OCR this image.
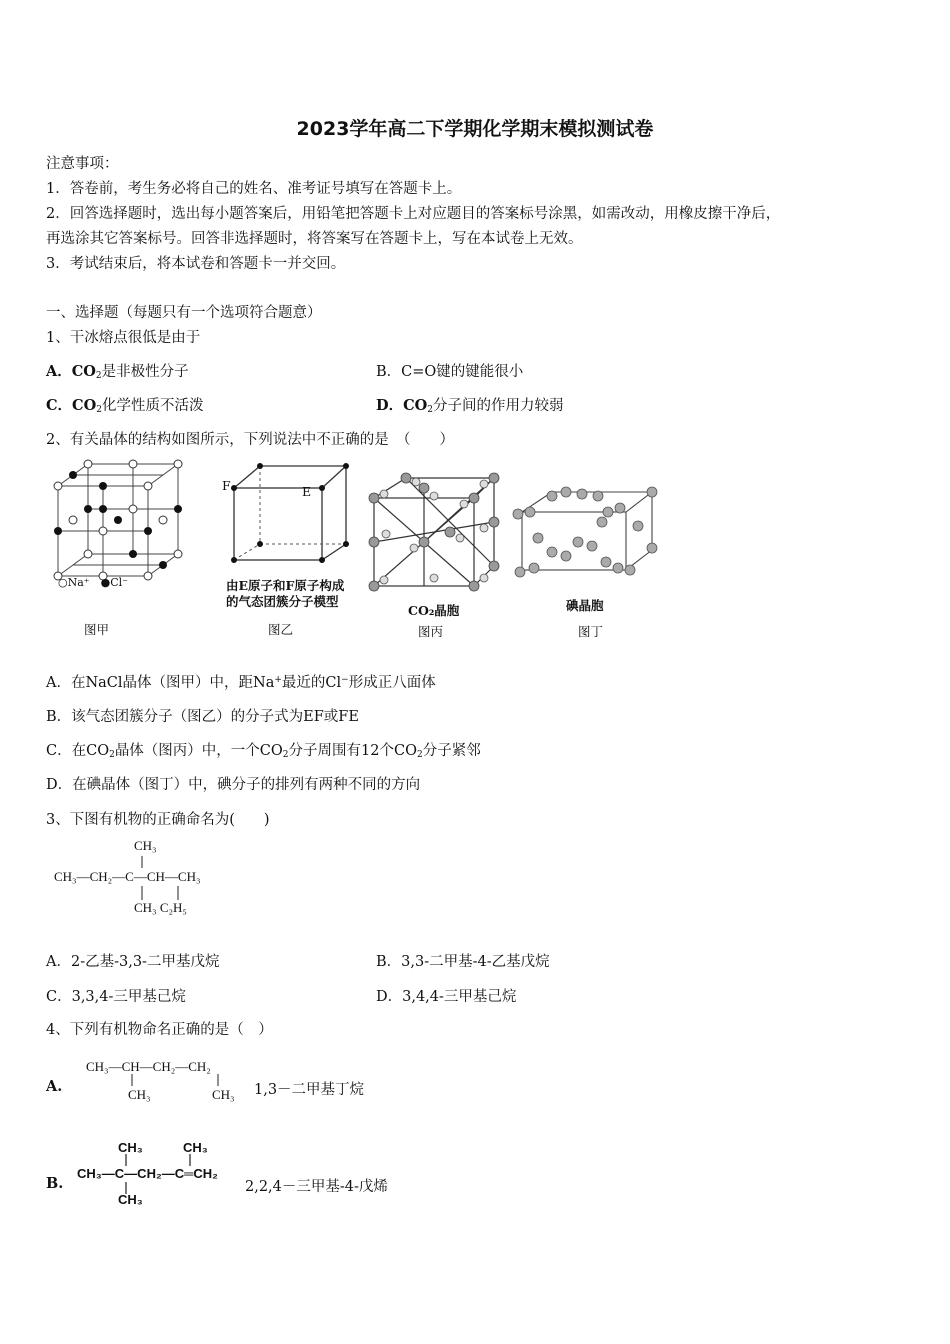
2023学年高二下学期化学期末模拟测试卷
注意事项：
1．答卷前，考生务必将自己的姓名、准考证号填写在答题卡上。
2．回答选择题时，选出每小题答案后，用铅笔把答题卡上对应题目的答案标号涂黑，如需改动，用橡皮擦干净后，
再选涂其它答案标号。回答非选择题时，将答案写在答题卡上，写在本试卷上无效。
3．考试结束后，将本试卷和答题卡一并交回。
一、选择题（每题只有一个选项符合题意）
1、干冰熔点很低是由于
A．$CO_2$是非极性分子	B．C=O键的键能很小
C．$CO_2$化学性质不活泼	D．$CO_2$分子间的作用力较弱
2、有关晶体的结构如图所示，下列说法中不正确的是　（　　）
○Na⁺　●Cl⁻
图甲
F	E
由E原子和F原子构成
的气态团簇分子模型
图乙
CO₂晶胞
图丙
碘晶胞
图丁
A．在NaCl晶体（图甲）中，距Na+最近的Cl−形成正八面体
B．该气态团簇分子（图乙）的分子式为EF或FE
C．在$CO_2$晶体（图丙）中，一个$CO_2$分子周围有12个$CO_2$分子紧邻
D．在碘晶体（图丁）中，碘分子的排列有两种不同的方向
3、下图有机物的正确命名为(　　)
CH₃
CH₃—CH₂—C—CH—CH₃
CH₃ C₂H₅
A．2-乙基-3,3-二甲基戊烷	B．3,3-二甲基-4-乙基戊烷
C．3,3,4-三甲基己烷	D．3,4,4-三甲基己烷
4、下列有机物命名正确的是（　）
A.
CH₃—CH—CH₂—CH₂
CH₃	CH₃ 1,3－二甲基丁烷
B.
CH₃	CH₃
CH₃—C—CH₂—C═CH₂
CH₃
2,2,4－三甲基-4-戊烯
